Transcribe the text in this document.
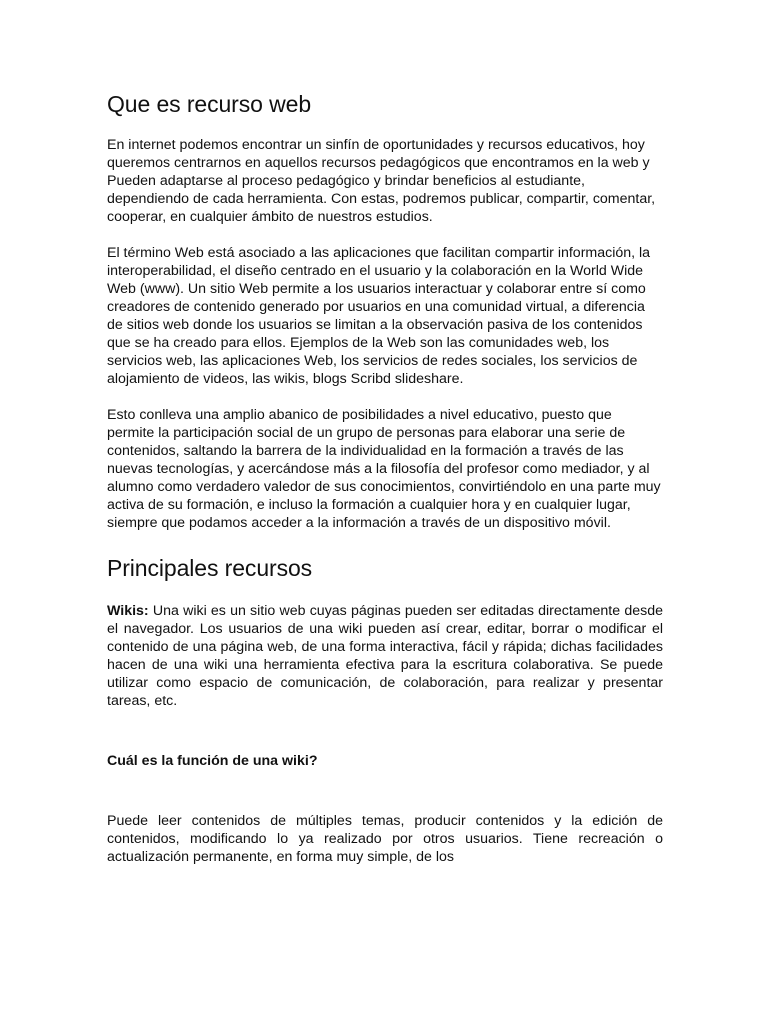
Que es recurso web

En internet podemos encontrar un sinfín de oportunidades y recursos educativos, hoy queremos centrarnos en aquellos recursos pedagógicos que encontramos en la web y Pueden adaptarse al proceso pedagógico y brindar beneficios al estudiante, dependiendo de cada herramienta. Con estas, podremos publicar, compartir, comentar, cooperar, en cualquier ámbito de nuestros estudios.

El término Web está asociado a las aplicaciones que facilitan compartir información, la interoperabilidad, el diseño centrado en el usuario y la colaboración en la World Wide Web (www). Un sitio Web permite a los usuarios interactuar y colaborar entre sí como creadores de contenido generado por usuarios en una comunidad virtual, a diferencia de sitios web donde los usuarios se limitan a la observación pasiva de los contenidos que se ha creado para ellos. Ejemplos de la Web son las comunidades web, los servicios web, las aplicaciones Web, los servicios de redes sociales, los servicios de alojamiento de videos, las wikis, blogs Scribd slideshare.

Esto conlleva una amplio abanico de posibilidades a nivel educativo, puesto que permite la participación social de un grupo de personas para elaborar una serie de contenidos, saltando la barrera de la individualidad en la formación a través de las nuevas tecnologías, y acercándose más a la filosofía del profesor como mediador, y al alumno como verdadero valedor de sus conocimientos, convirtiéndolo en una parte muy activa de su formación, e incluso la formación a cualquier hora y en cualquier lugar, siempre que podamos acceder a la información a través de un dispositivo móvil.

Principales recursos

Wikis: Una wiki es un sitio web cuyas páginas pueden ser editadas directamente desde el navegador. Los usuarios de una wiki pueden así crear, editar, borrar o modificar el contenido de una página web, de una forma interactiva, fácil y rápida; dichas facilidades hacen de una wiki una herramienta efectiva para la escritura colaborativa. Se puede utilizar como espacio de comunicación, de colaboración, para realizar y presentar tareas, etc.

Cuál es la función de una wiki?

Puede leer contenidos de múltiples temas, producir contenidos y la edición de contenidos, modificando lo ya realizado por otros usuarios. Tiene recreación o actualización permanente, en forma muy simple, de los
